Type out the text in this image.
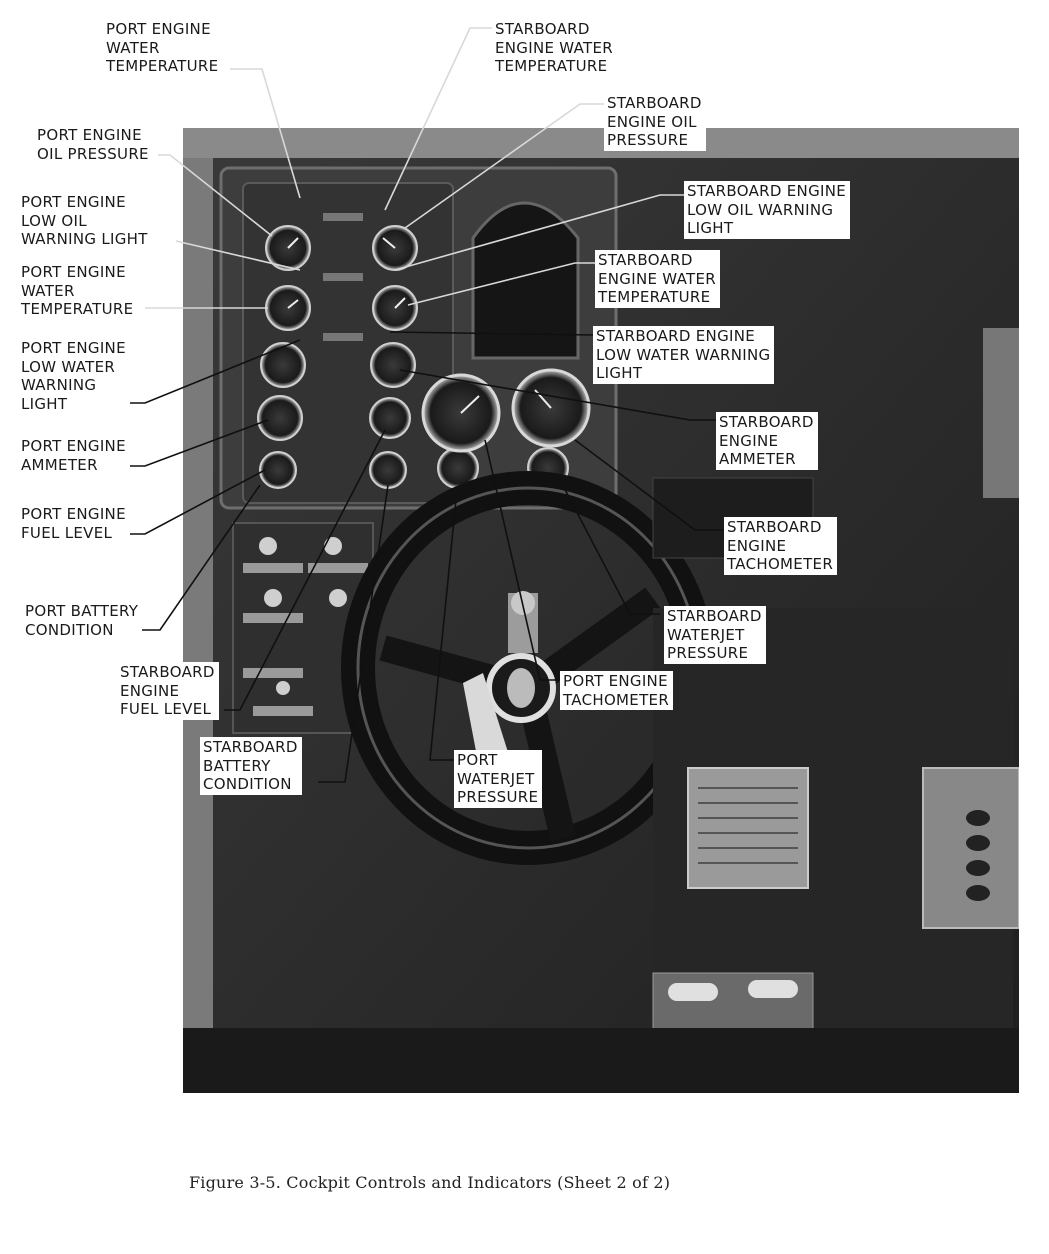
PORT ENGINE
WATER
TEMPERATURE
STARBOARD
ENGINE WATER
TEMPERATURE
STARBOARD
ENGINE OIL
PRESSURE
PORT ENGINE
OIL PRESSURE
STARBOARD ENGINE
LOW OIL WARNING
LIGHT
PORT ENGINE
LOW OIL
WARNING LIGHT
STARBOARD
ENGINE WATER
TEMPERATURE
PORT ENGINE
WATER
TEMPERATURE
STARBOARD ENGINE
LOW WATER WARNING
LIGHT
PORT ENGINE
LOW WATER
WARNING
LIGHT
STARBOARD
ENGINE
AMMETER
PORT ENGINE
AMMETER
PORT ENGINE
FUEL LEVEL	STARBOARD
ENGINE
TACHOMETER
PORT BATTERY
CONDITION
STARBOARD
WATERJET
PRESSURE
STARBOARD
ENGINE
FUEL LEVEL
PORT ENGINE
TACHOMETER
STARBOARD
BATTERY
CONDITION
PORT
WATERJET
PRESSURE
Figure 3-5. Cockpit Controls and Indicators (Sheet 2 of 2)
